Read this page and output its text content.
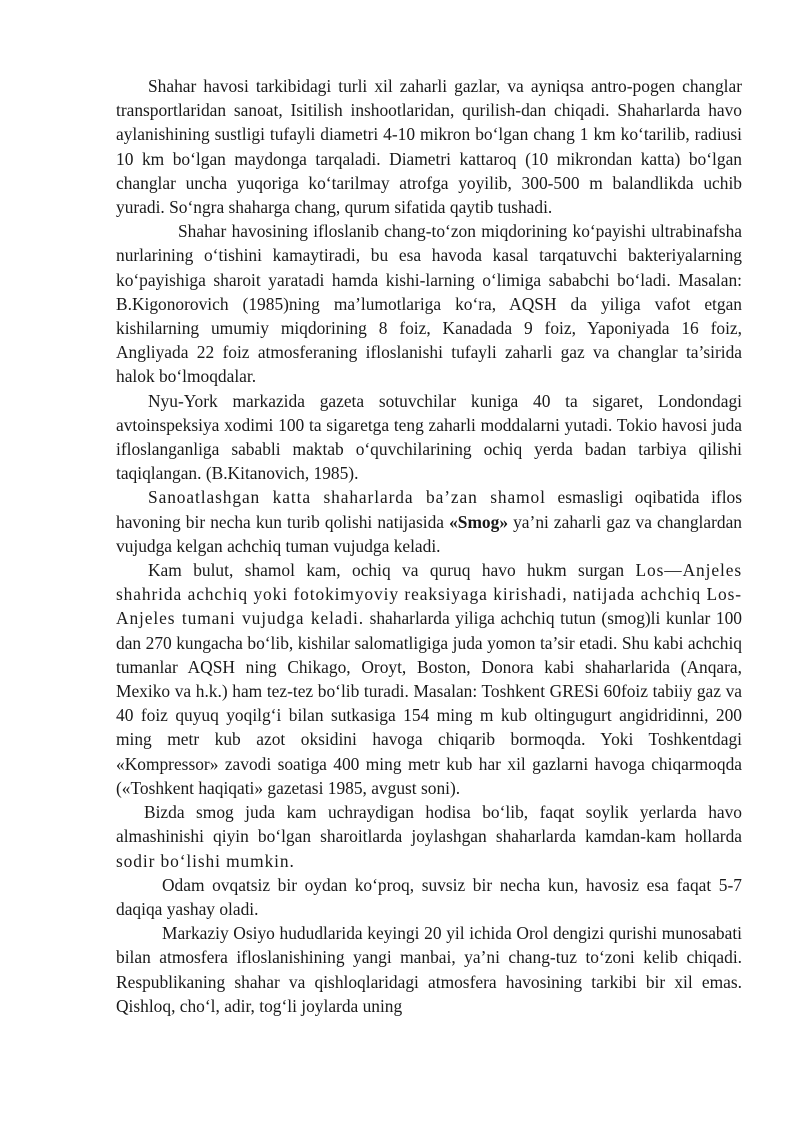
Shahar havosi tarkibidagi turli xil zaharli gazlar, va ayniqsa antro-pogen changlar transportlaridan sanoat, Isitilish inshootlaridan, qurilish-dan chiqadi. Shaharlarda havo aylanishining sustligi tufayli diametri 4-10 mikron bo‘lgan chang 1 km ko‘tarilib, radiusi 10 km bo‘lgan maydonga tarqaladi. Diametri kattaroq (10 mikrondan katta) bo‘lgan changlar uncha yuqoriga ko‘tarilmay atrofga yoyilib, 300-500 m balandlikda uchib yuradi. So‘ngra shaharga chang, qurum sifatida qaytib tushadi.

Shahar havosining ifloslanib chang-to‘zon miqdorining ko‘payishi ultrabinafsha nurlarining o‘tishini kamaytiradi, bu esa havoda kasal tarqatuvchi bakteriyalarning ko‘payishiga sharoit yaratadi hamda kishi-larning o‘limiga sababchi bo‘ladi. Masalan: B.Kigonorovich (1985)ning ma’lumotlariga ko‘ra, AQSH da yiliga vafot etgan kishilarning umumiy miqdorining 8 foiz, Kanadada 9 foiz, Yaponiyada 16 foiz, Angliyada 22 foiz atmosferaning ifloslanishi tufayli zaharli gaz va changlar ta’sirida halok bo‘lmoqdalar.

Nyu-York markazida gazeta sotuvchilar kuniga 40 ta sigaret, Londondagi avtoinspeksiya xodimi 100 ta sigaretga teng zaharli moddalarni yutadi. Tokio havosi juda ifloslanganliga sababli maktab o‘quvchilarining ochiq yerda badan tarbiya qilishi taqiqlangan. (B.Kitanovich, 1985).

Sanoatlashgan katta shaharlarda ba’zan shamol esmasligi oqibatida iflos havoning bir necha kun turib qolishi natijasida «Smog» ya’ni zaharli gaz va changlardan vujudga kelgan achchiq tuman vujudga keladi.

Kam bulut, shamol kam, ochiq va quruq havo hukm surgan Los—Anjeles shahrida achchiq yoki fotokimyoviy reaksiyaga kirishadi, natijada achchiq Los-Anjeles tumani vujudga keladi. shaharlarda yiliga achchiq tutun (smog)li kunlar 100 dan 270 kungacha bo‘lib, kishilar salomatligiga juda yomon ta’sir etadi. Shu kabi achchiq tumanlar AQSH ning Chikago, Oroyt, Boston, Donora kabi shaharlarida (Anqara, Mexiko va h.k.) ham tez-tez bo‘lib turadi. Masalan: Toshkent GRESi 60foiz tabiiy gaz va 40 foiz quyuq yoqilg‘i bilan sutkasiga 154 ming m kub oltingugurt angidridinni, 200 ming metr kub azot oksidini havoga chiqarib bormoqda. Yoki Toshkentdagi «Kompressor» zavodi soatiga 400 ming metr kub har xil gazlarni havoga chiqarmoqda («Toshkent haqiqati» gazetasi 1985, avgust soni).

Bizda smog juda kam uchraydigan hodisa bo‘lib, faqat soylik yerlarda havo almashinishi qiyin bo‘lgan sharoitlarda joylashgan shaharlarda kamdan-kam hollarda sodir bo‘lishi mumkin.

Odam ovqatsiz bir oydan ko‘proq, suvsiz bir necha kun, havosiz esa faqat 5-7 daqiqa yashay oladi.

Markaziy Osiyo hududlarida keyingi 20 yil ichida Orol dengizi qurishi munosabati bilan atmosfera ifloslanishining yangi manbai, ya’ni chang-tuz to‘zoni kelib chiqadi. Respublikaning shahar va qishloqlaridagi atmosfera havosining tarkibi bir xil emas. Qishloq, cho‘l, adir, tog‘li joylarda uning
